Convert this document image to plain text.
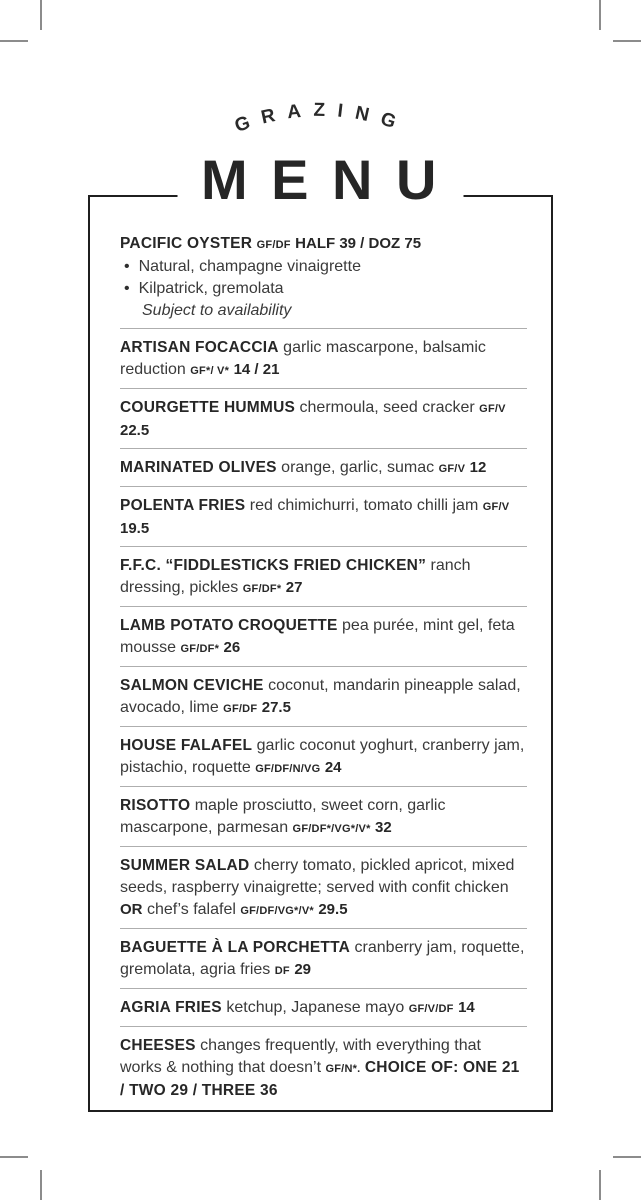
GRAZING
MENU

PACIFIC OYSTER GF/DF HALF 39 / DOZ 75

• Natural, champagne vinaigrette

• Kilpatrick, gremolata

Subject to availability

ARTISAN FOCACCIA garlic mascarpone, balsamic reduction GF*/ V* 14 / 21

COURGETTE HUMMUS chermoula, seed cracker GF/V 22.5

MARINATED OLIVES orange, garlic, sumac GF/V 12

POLENTA FRIES red chimichurri, tomato chilli jam GF/V 19.5

F.F.C. “FIDDLESTICKS FRIED CHICKEN” ranch dressing, pickles GF/DF* 27

LAMB POTATO CROQUETTE pea purée, mint gel, feta mousse GF/DF* 26

SALMON CEVICHE coconut, mandarin pineapple salad, avocado, lime GF/DF 27.5

HOUSE FALAFEL garlic coconut yoghurt, cranberry jam, pistachio, roquette GF/DF/N/VG 24

RISOTTO maple prosciutto, sweet corn, garlic mascarpone, parmesan GF/DF*/VG*/V* 32

SUMMER SALAD cherry tomato, pickled apricot, mixed seeds, raspberry vinaigrette; served with confit chicken OR chef’s falafel GF/DF/VG*/V* 29.5

BAGUETTE À LA PORCHETTA cranberry jam, roquette, gremolata, agria fries DF 29

AGRIA FRIES ketchup, Japanese mayo GF/V/DF 14

CHEESES changes frequently, with everything that works & nothing that doesn’t GF/N*. CHOICE OF: ONE 21 / TWO 29 / THREE 36
